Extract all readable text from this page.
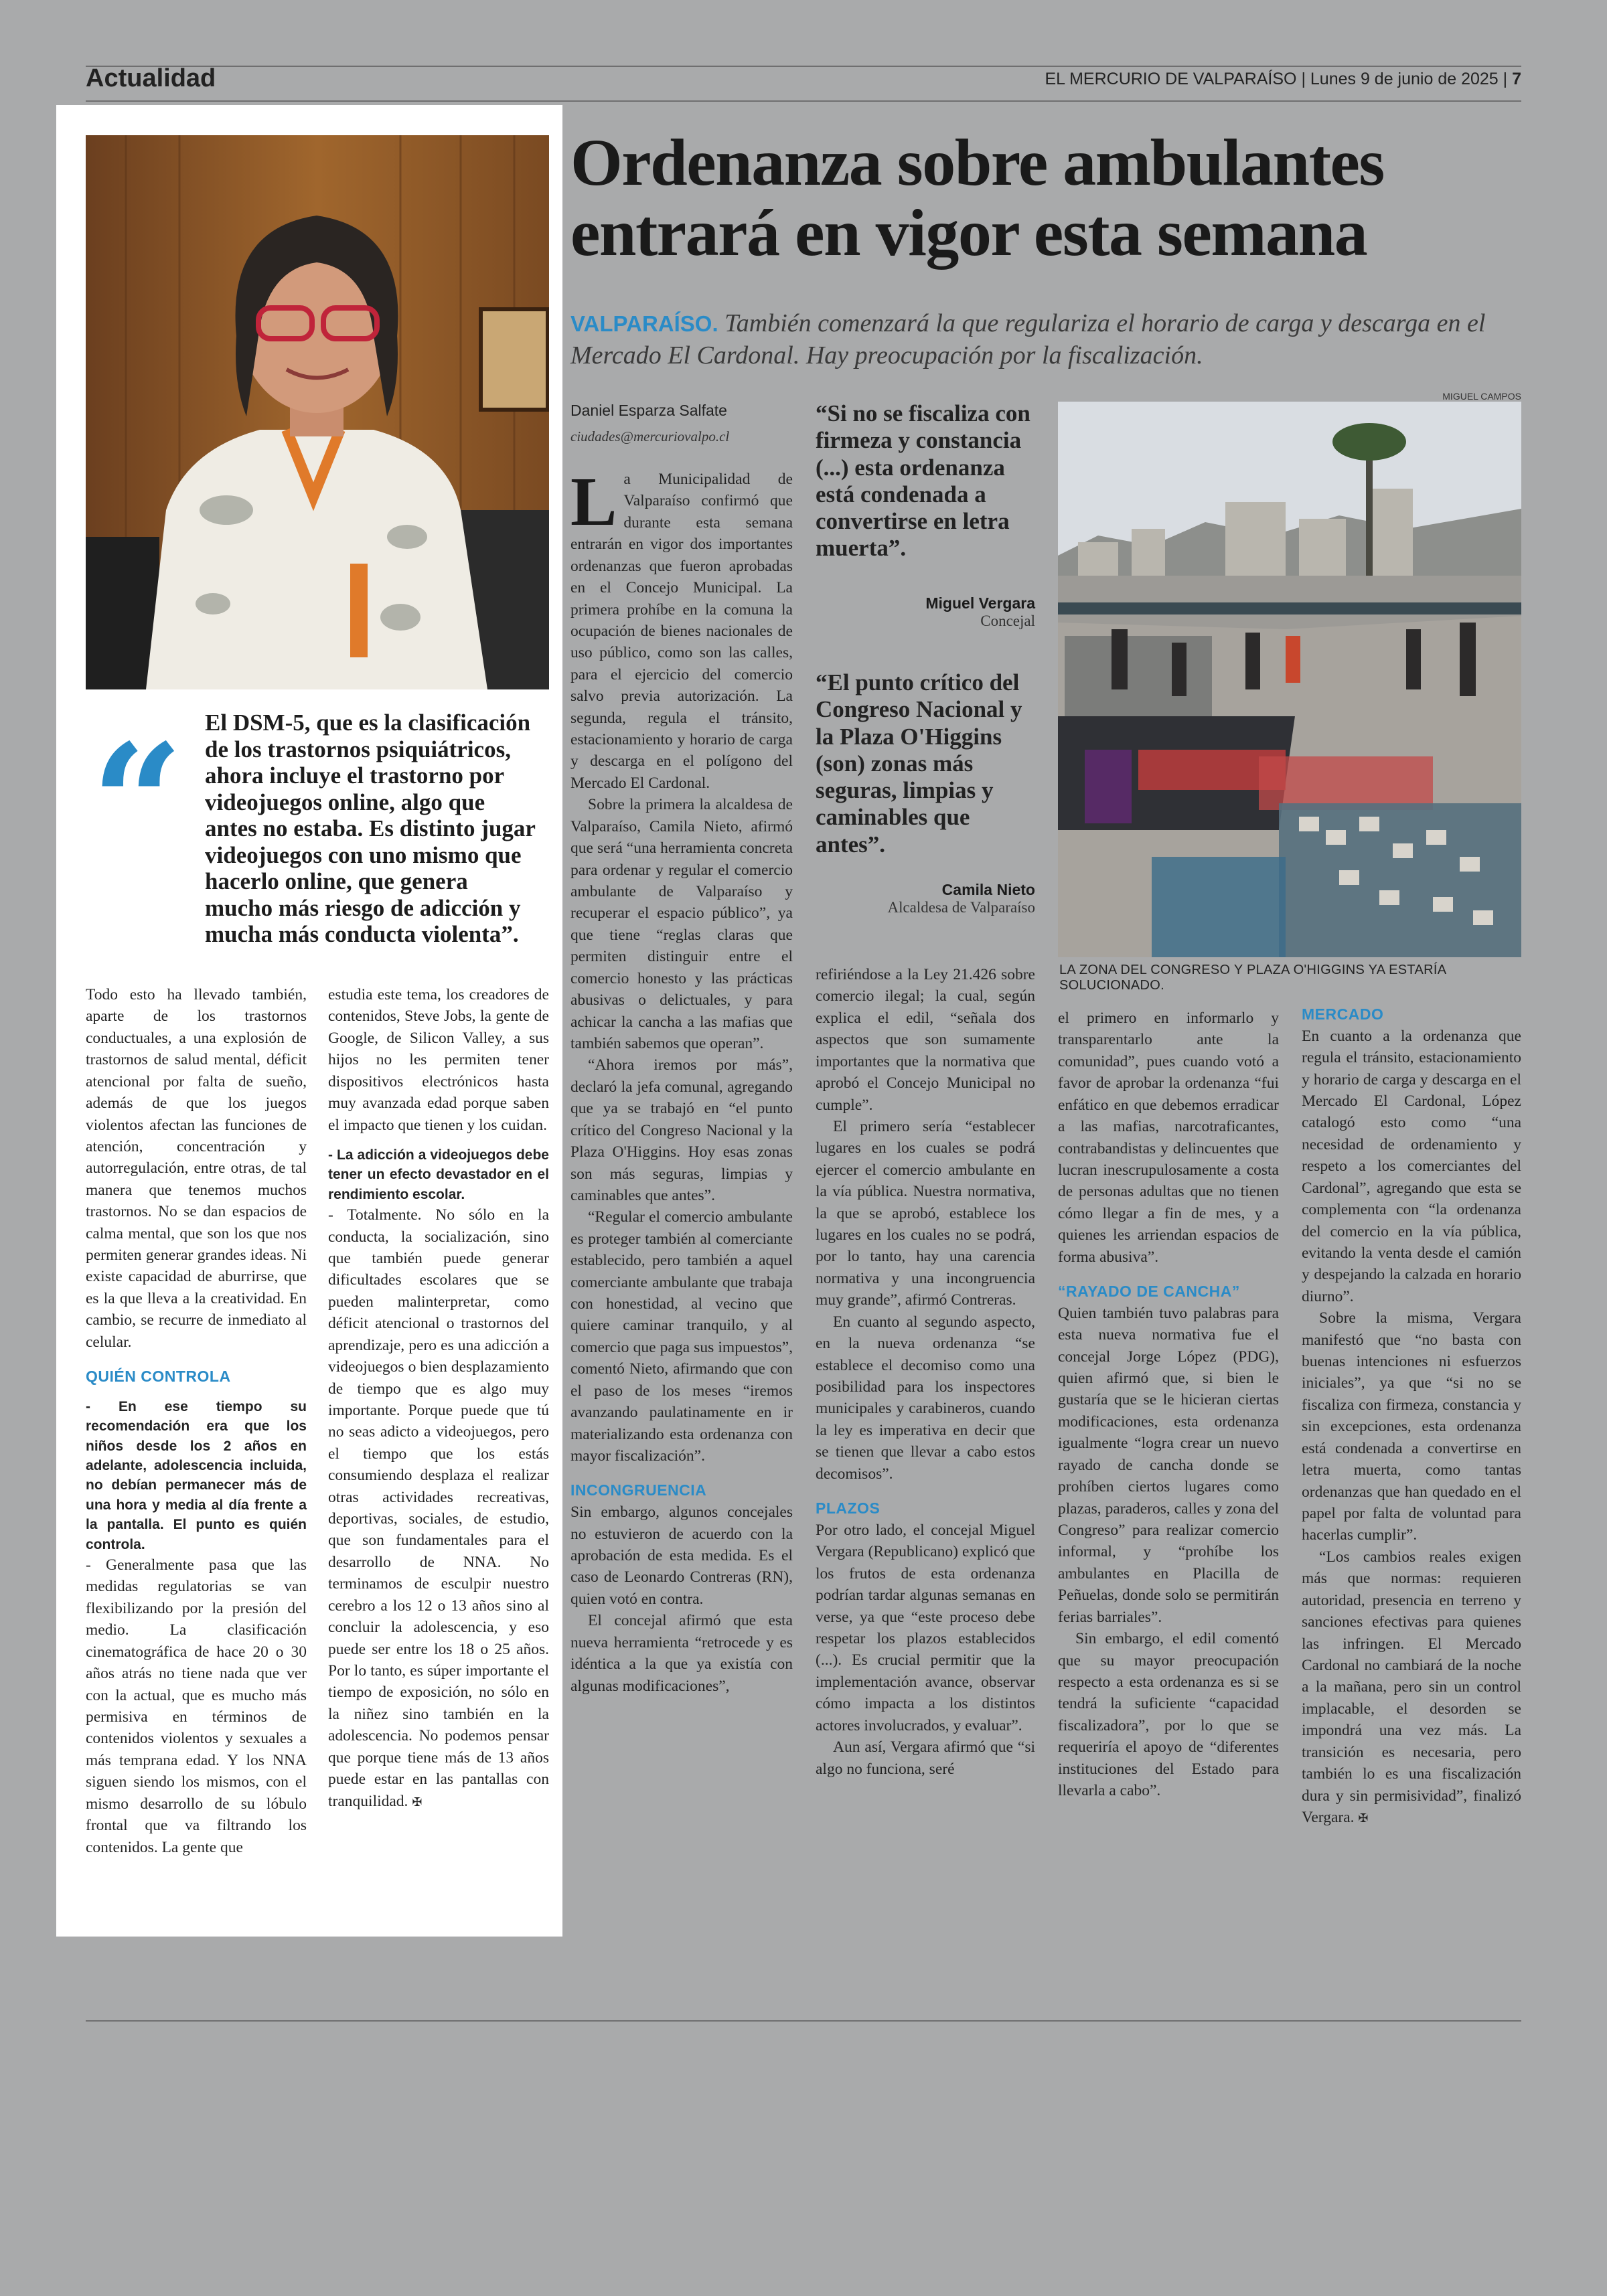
Actualidad	EL MERCURIO DE VALPARAÍSO | Lunes 9 de junio de 2025 | 7
“ El DSM-5, que es la clasificación de los trastornos psiquiátricos, ahora incluye el trastorno por videojuegos online, algo que antes no estaba. Es distinto jugar videojuegos con uno mismo que hacerlo online, que genera mucho más riesgo de adicción y mucha más conducta violenta”.

Todo esto ha llevado también, aparte de los trastornos conductuales, a una explosión de trastornos de salud mental, déficit atencional por falta de sueño, además de que los juegos violentos afectan las funciones de atención, concentración y autorregulación, entre otras, de tal manera que tenemos muchos trastornos. No se dan espacios de calma mental, que son los que nos permiten generar grandes ideas. Ni existe capacidad de aburrirse, que es la que lleva a la creatividad. En cambio, se recurre de inmediato al celular.

QUIÉN CONTROLA

- En ese tiempo su recomendación era que los niños desde los 2 años en adelante, adolescencia incluida, no debían permanecer más de una hora y media al día frente a la pantalla. El punto es quién controla.

- Generalmente pasa que las medidas regulatorias se van flexibilizando por la presión del medio. La clasificación cinematográfica de hace 20 o 30 años atrás no tiene nada que ver con la actual, que es mucho más permisiva en términos de contenidos violentos y sexuales a más temprana edad. Y los NNA siguen siendo los mismos, con el mismo desarrollo de su lóbulo frontal que va filtrando los contenidos. La gente que

estudia este tema, los creadores de contenidos, Steve Jobs, la gente de Google, de Silicon Valley, a sus hijos no les permiten tener dispositivos electrónicos hasta muy avanzada edad porque saben el impacto que tienen y los cuidan.

- La adicción a videojuegos debe tener un efecto devastador en el rendimiento escolar.

- Totalmente. No sólo en la conducta, la socialización, sino que también puede generar dificultades escolares que se pueden malinterpretar, como déficit atencional o trastornos del aprendizaje, pero es una adicción a videojuegos o bien desplazamiento de tiempo que es algo muy importante. Porque puede que tú no seas adicto a videojuegos, pero el tiempo que los estás consumiendo desplaza el realizar otras actividades recreativas, deportivas, sociales, de estudio, que son fundamentales para el desarrollo de NNA. No terminamos de esculpir nuestro cerebro a los 12 o 13 años sino al concluir la adolescencia, y eso puede ser entre los 18 o 25 años. Por lo tanto, es súper importante el tiempo de exposición, no sólo en la niñez sino también en la adolescencia. No podemos pensar que porque tiene más de 13 años puede estar en las pantallas con tranquilidad. ✠

Ordenanza sobre ambulantes entrará en vigor esta semana
VALPARAÍSO. También comenzará la que regulariza el horario de carga y descarga en el Mercado El Cardonal. Hay preocupación por la fiscalización.
Daniel Esparza Salfate
ciudades@mercuriovalpo.cl
“Si no se fiscaliza con firmeza y constancia (...) esta ordenanza está condenada a convertirse en letra muerta”.
Miguel Vergara
Concejal
“El punto crítico del Congreso Nacional y la Plaza O'Higgins (son) zonas más seguras, limpias y caminables que antes”.
Camila Nieto
Alcaldesa de Valparaíso
MIGUEL CAMPOS
LA ZONA DEL CONGRESO Y PLAZA O'HIGGINS YA ESTARÍA SOLUCIONADO.

La Municipalidad de Valparaíso confirmó que durante esta semana entrarán en vigor dos importantes ordenanzas que fueron aprobadas en el Concejo Municipal. La primera prohíbe en la comuna la ocupación de bienes nacionales de uso público, como son las calles, para el ejercicio del comercio salvo previa autorización. La segunda, regula el tránsito, estacionamiento y horario de carga y descarga en el polígono del Mercado El Cardonal.

Sobre la primera la alcaldesa de Valparaíso, Camila Nieto, afirmó que será “una herramienta concreta para ordenar y regular el comercio ambulante de Valparaíso y recuperar el espacio público”, ya que tiene “reglas claras que permiten distinguir entre el comercio honesto y las prácticas abusivas o delictuales, y para achicar la cancha a las mafias que también sabemos que operan”.

“Ahora iremos por más”, declaró la jefa comunal, agregando que ya se trabajó en “el punto crítico del Congreso Nacional y la Plaza O'Higgins. Hoy esas zonas son más seguras, limpias y caminables que antes”.

“Regular el comercio ambulante es proteger también al comerciante establecido, pero también a aquel comerciante ambulante que trabaja con honestidad, al vecino que quiere caminar tranquilo, y al comercio que paga sus impuestos”, comentó Nieto, afirmando que con el paso de los meses “iremos avanzando paulatinamente en ir materializando esta ordenanza con mayor fiscalización”.

INCONGRUENCIA

Sin embargo, algunos concejales no estuvieron de acuerdo con la aprobación de esta medida. Es el caso de Leonardo Contreras (RN), quien votó en contra.

El concejal afirmó que esta nueva herramienta “retrocede y es idéntica a la que ya existía con algunas modificaciones”,

refiriéndose a la Ley 21.426 sobre comercio ilegal; la cual, según explica el edil, “señala dos aspectos que son sumamente importantes que la normativa que aprobó el Concejo Municipal no cumple”.

El primero sería “establecer lugares en los cuales se podrá ejercer el comercio ambulante en la vía pública. Nuestra normativa, la que se aprobó, establece los lugares en los cuales no se podrá, por lo tanto, hay una carencia normativa y una incongruencia muy grande”, afirmó Contreras.

En cuanto al segundo aspecto, en la nueva ordenanza “se establece el decomiso como una posibilidad para los inspectores municipales y carabineros, cuando la ley es imperativa en decir que se tienen que llevar a cabo estos decomisos”.

PLAZOS

Por otro lado, el concejal Miguel Vergara (Republicano) explicó que los frutos de esta ordenanza podrían tardar algunas semanas en verse, ya que “este proceso debe respetar los plazos establecidos (...). Es crucial permitir que la implementación avance, observar cómo impacta a los distintos actores involucrados, y evaluar”.

Aun así, Vergara afirmó que “si algo no funciona, seré

el primero en informarlo y transparentarlo ante la comunidad”, pues cuando votó a favor de aprobar la ordenanza “fui enfático en que debemos erradicar a las mafias, narcotraficantes, contrabandistas y delincuentes que lucran inescrupulosamente a costa de personas adultas que no tienen cómo llegar a fin de mes, y a quienes les arriendan espacios de forma abusiva”.

“RAYADO DE CANCHA”

Quien también tuvo palabras para esta nueva normativa fue el concejal Jorge López (PDG), quien afirmó que, si bien le gustaría que se le hicieran ciertas modificaciones, esta ordenanza igualmente “logra crear un nuevo rayado de cancha donde se prohíben ciertos lugares como plazas, paraderos, calles y zona del Congreso” para realizar comercio informal, y “prohíbe los ambulantes en Placilla de Peñuelas, donde solo se permitirán ferias barriales”.

Sin embargo, el edil comentó que su mayor preocupación respecto a esta ordenanza es si se tendrá la suficiente “capacidad fiscalizadora”, por lo que se requeriría el apoyo de “diferentes instituciones del Estado para llevarla a cabo”.

MERCADO

En cuanto a la ordenanza que regula el tránsito, estacionamiento y horario de carga y descarga en el Mercado El Cardonal, López catalogó esto como “una necesidad de ordenamiento y respeto a los comerciantes del Cardonal”, agregando que esta se complementa con “la ordenanza del comercio en la vía pública, evitando la venta desde el camión y despejando la calzada en horario diurno”.

Sobre la misma, Vergara manifestó que “no basta con buenas intenciones ni esfuerzos iniciales”, ya que “si no se fiscaliza con firmeza, constancia y sin excepciones, esta ordenanza está condenada a convertirse en letra muerta, como tantas ordenanzas que han quedado en el papel por falta de voluntad para hacerlas cumplir”.

“Los cambios reales exigen más que normas: requieren autoridad, presencia en terreno y sanciones efectivas para quienes las infringen. El Mercado Cardonal no cambiará de la noche a la mañana, pero sin un control implacable, el desorden se impondrá una vez más. La transición es necesaria, pero también lo es una fiscalización dura y sin permisividad”, finalizó Vergara. ✠
